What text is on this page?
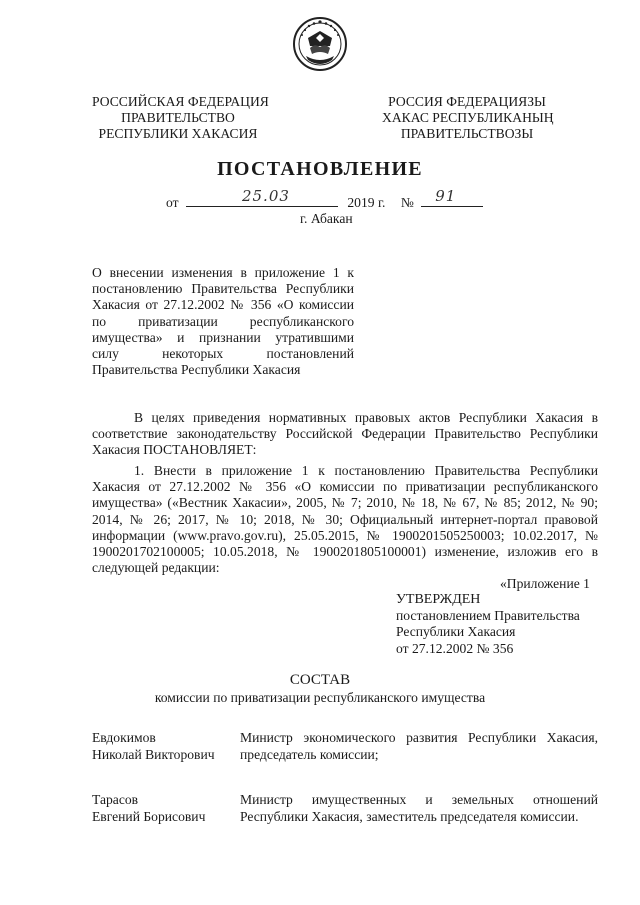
РОССИЙСКАЯ ФЕДЕРАЦИЯ
ПРАВИТЕЛЬСТВО
РЕСПУБЛИКИ ХАКАСИЯ
РОССИЯ ФЕДЕРАЦИЯЗЫ
ХАКАС РЕСПУБЛИКАНЫҢ
ПРАВИТЕЛЬСТВОЗЫ
ПОСТАНОВЛЕНИЕ
от	25.03	2019 г. № 91
г. Абакан
О внесении изменения в приложение 1 к
постановлению Правительства Республики
Хакасия от 27.12.2002 № 356 «О комиссии
по приватизации республиканского
имущества» и признании утратившими
силу некоторых постановлений
Правительства Республики Хакасия
В целях приведения нормативных правовых актов Республики Хакасия в
соответствие законодательству Российской Федерации Правительство Республики
Хакасия ПОСТАНОВЛЯЕТ:
1. Внести в приложение 1 к постановлению Правительства Республики
Хакасия от 27.12.2002 № 356 «О комиссии по приватизации республиканского
имущества» («Вестник Хакасии», 2005, № 7; 2010, № 18, № 67, № 85; 2012, № 90;
2014, № 26; 2017, № 10; 2018, № 30; Официальный интернет-портал правовой
информации (www.pravo.gov.ru), 25.05.2015, № 1900201505250003; 10.02.2017, №
1900201702100005; 10.05.2018, № 1900201805100001) изменение, изложив его в
следующей редакции:
«Приложение 1
УТВЕРЖДЕН
постановлением Правительства
Республики Хакасия
от 27.12.2002 № 356
СОСТАВ
комиссии по приватизации республиканского имущества
Евдокимов
Николай Викторович
Министр экономического развития Республики Хакасия,
председатель комиссии;
Тарасов
Евгений Борисович
Министр имущественных и земельных отношений
Республики Хакасия, заместитель председателя комиссии.
